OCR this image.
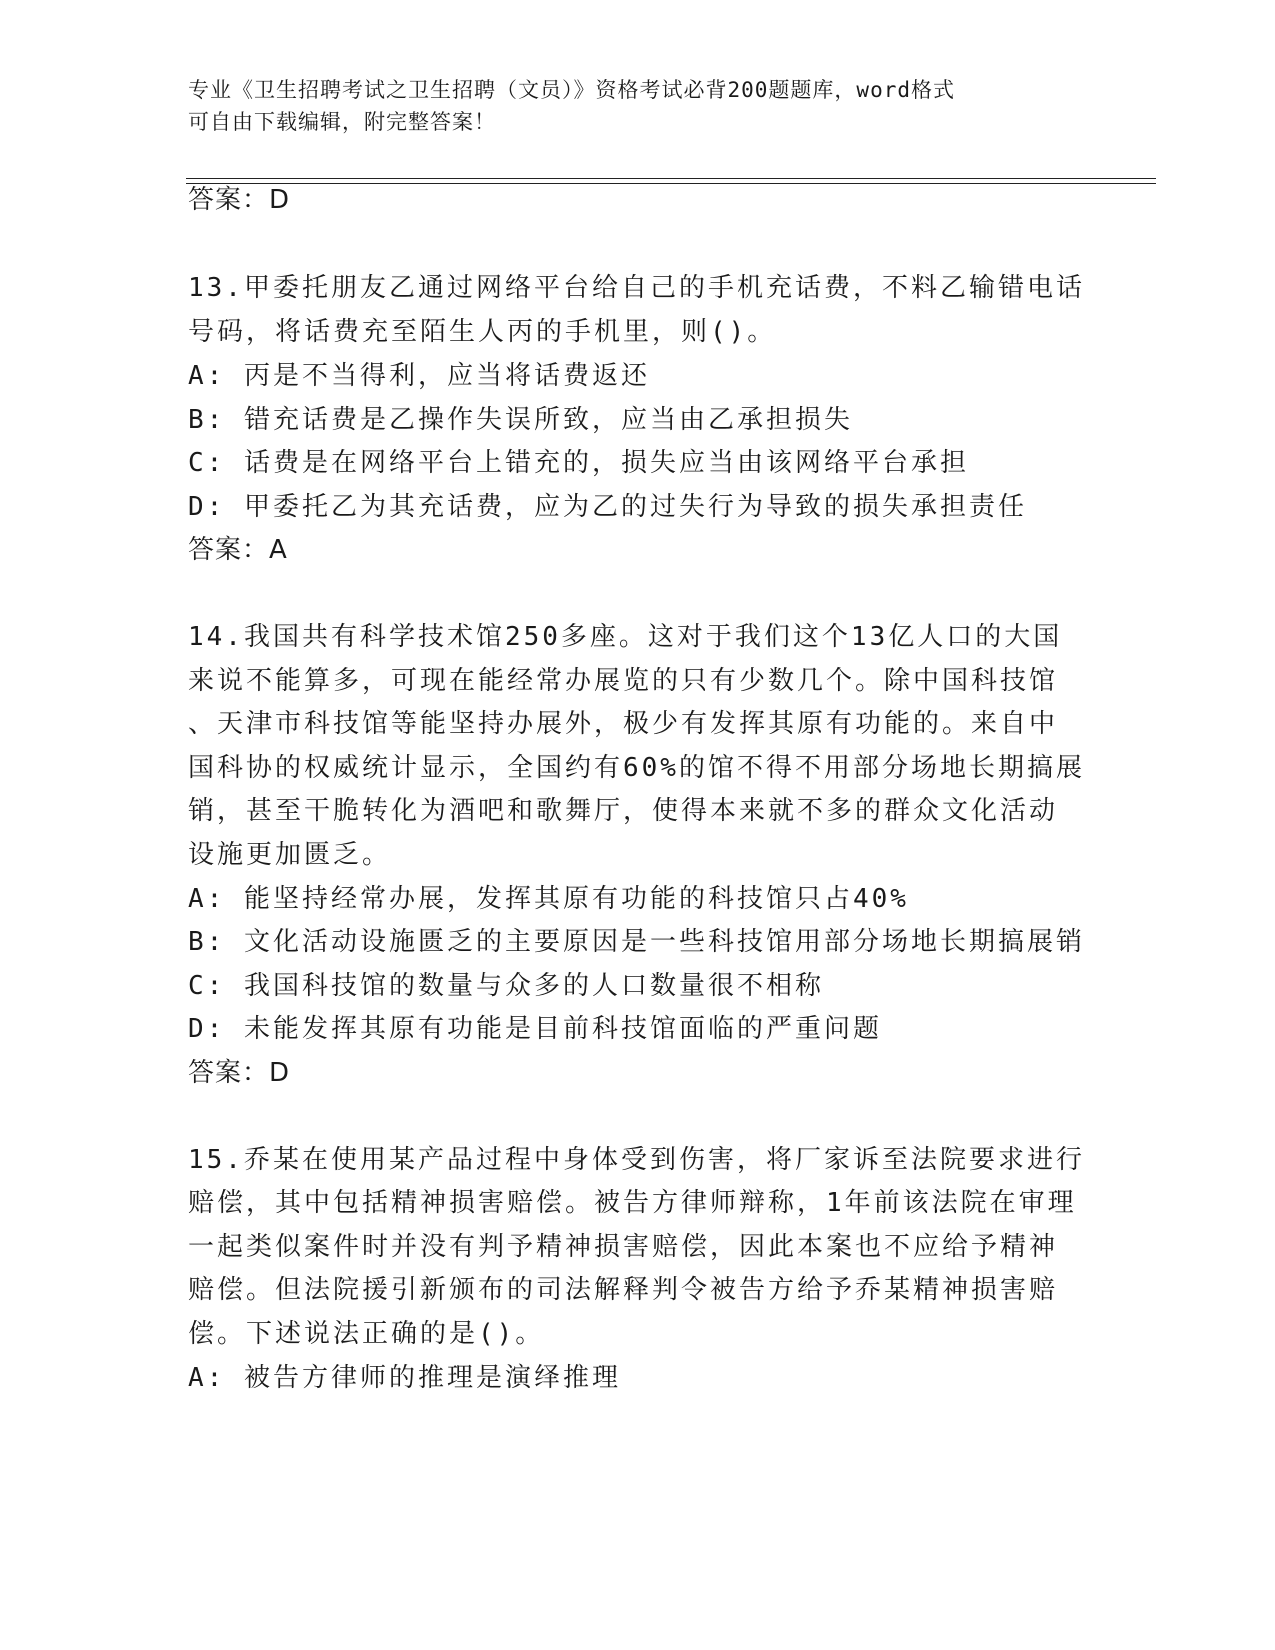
专业《卫生招聘考试之卫生招聘（文员）》资格考试必背200题题库，word格式
可自由下载编辑，附完整答案！
答案：D
13.甲委托朋友乙通过网络平台给自己的手机充话费，不料乙输错电话
号码，将话费充至陌生人丙的手机里，则()。
A: 丙是不当得利，应当将话费返还
B: 错充话费是乙操作失误所致，应当由乙承担损失
C: 话费是在网络平台上错充的，损失应当由该网络平台承担
D: 甲委托乙为其充话费，应为乙的过失行为导致的损失承担责任
答案：A
14.我国共有科学技术馆250多座。这对于我们这个13亿人口的大国
来说不能算多，可现在能经常办展览的只有少数几个。除中国科技馆
、天津市科技馆等能坚持办展外，极少有发挥其原有功能的。来自中
国科协的权威统计显示，全国约有60%的馆不得不用部分场地长期搞展
销，甚至干脆转化为酒吧和歌舞厅，使得本来就不多的群众文化活动
设施更加匮乏。
A: 能坚持经常办展，发挥其原有功能的科技馆只占40%
B: 文化活动设施匮乏的主要原因是一些科技馆用部分场地长期搞展销
C: 我国科技馆的数量与众多的人口数量很不相称
D: 未能发挥其原有功能是目前科技馆面临的严重问题
答案：D
15.乔某在使用某产品过程中身体受到伤害，将厂家诉至法院要求进行
赔偿，其中包括精神损害赔偿。被告方律师辩称，1年前该法院在审理
一起类似案件时并没有判予精神损害赔偿，因此本案也不应给予精神
赔偿。但法院援引新颁布的司法解释判令被告方给予乔某精神损害赔
偿。下述说法正确的是()。
A: 被告方律师的推理是演绎推理
